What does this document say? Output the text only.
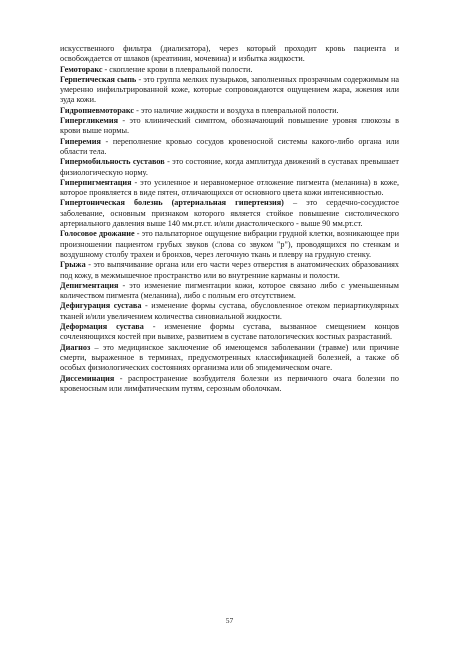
искусственного фильтра (диализатора), через который проходит кровь пациента и освобождается от шлаков (креатинин, мочевина) и избытка жидкости.

Гемоторакс - скопление крови в плевральной полости.

Герпетическая сыпь - это группа мелких пузырьков, заполненных прозрачным содержимым на умеренно инфильтрированной коже, которые сопровождаются ощущением жара, жжения или зуда кожи.

Гидропневмоторакс - это наличие жидкости и воздуха в плевральной полости.

Гипергликемия - это клинический симптом, обозначающий повышение уровня глюкозы в крови выше нормы.

Гиперемия - переполнение кровью сосудов кровеносной системы какого-либо органа или области тела.

Гипермобильность суставов - это состояние, когда амплитуда движений в суставах превышает физиологическую норму.

Гиперпигментация - это усиленное и неравномерное отложение пигмента (меланина) в коже, которое проявляется в виде пятен, отличающихся от основного цвета кожи интенсивностью.

Гипертоническая болезнь (артериальная гипертензия) – это сердечно-сосудистое заболевание, основным признаком которого является стойкое повышение систолического артериального давления выше 140 мм.рт.ст. и/или диастолического - выше 90 мм.рт.ст.

Голосовое дрожание - это пальпаторное ощущение вибрации грудной клетки, возникающее при произношении пациентом грубых звуков (слова со звуком "р"), проводящихся по стенкам и воздушному столбу трахеи и бронхов, через легочную ткань и плевру на грудную стенку.

Грыжа - это выпячивание органа или его части через отверстия в анатомических образованиях под кожу, в межмышечное пространство или во внутренние карманы и полости.

Депигментация - это изменение пигментации кожи, которое связано либо с уменьшенным количеством пигмента (меланина), либо с полным его отсутствием.

Дефигурация сустава - изменение формы сустава, обусловленное отеком периартикулярных тканей и/или увеличением количества синовиальной жидкости.

Деформация сустава - изменение формы сустава, вызванное смещением концов сочленяющихся костей при вывихе, развитием в суставе патологических костных разрастаний.

Диагноз – это медицинское заключение об имеющемся заболевании (травме) или причине смерти, выраженное в терминах, предусмотренных классификацией болезней, а также об особых физиологических состояниях организма или об эпидемическом очаге.

Диссеминация - распространение возбудителя болезни из первичного очага болезни по кровеносным или лимфатическим путям, серозным оболочкам.

57
